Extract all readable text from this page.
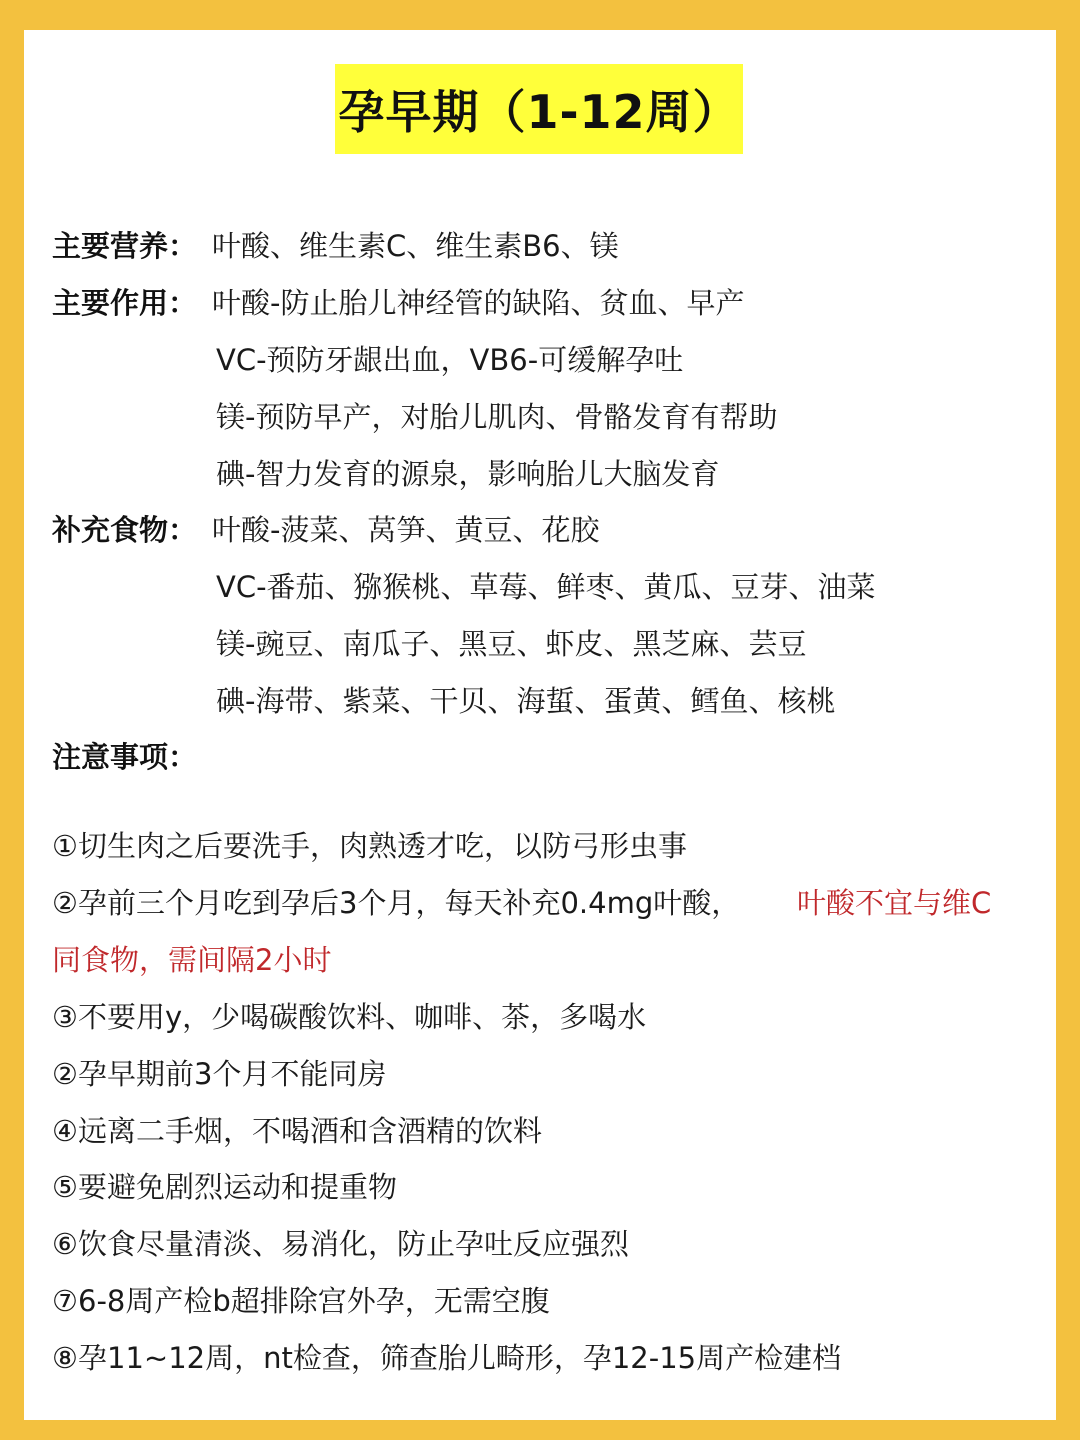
孕早期（1-12周）
主要营养： 叶酸、维生素C、维生素B6、镁
主要作用： 叶酸-防止胎儿神经管的缺陷、贫血、早产
VC-预防牙龈出血，VB6-可缓解孕吐
镁-预防早产，对胎儿肌肉、骨骼发育有帮助
碘-智力发育的源泉，影响胎儿大脑发育
补充食物： 叶酸-菠菜、莴笋、黄豆、花胶
VC-番茄、猕猴桃、草莓、鲜枣、黄瓜、豆芽、油菜
镁-豌豆、南瓜子、黑豆、虾皮、黑芝麻、芸豆
碘-海带、紫菜、干贝、海蜇、蛋黄、鳕鱼、核桃
注意事项：
①切生肉之后要洗手，肉熟透才吃，以防弓形虫事
②孕前三个月吃到孕后3个月，每天补充0.4mg叶酸， 叶酸不宜与维C
同食物，需间隔2小时
③不要用y，少喝碳酸饮料、咖啡、茶，多喝水
②孕早期前3个月不能同房
④远离二手烟，不喝酒和含酒精的饮料
⑤要避免剧烈运动和提重物
⑥饮食尽量清淡、易消化，防止孕吐反应强烈
⑦6-8周产检b超排除宫外孕，无需空腹
⑧孕11~12周，nt检查，筛查胎儿畸形，孕12-15周产检建档
